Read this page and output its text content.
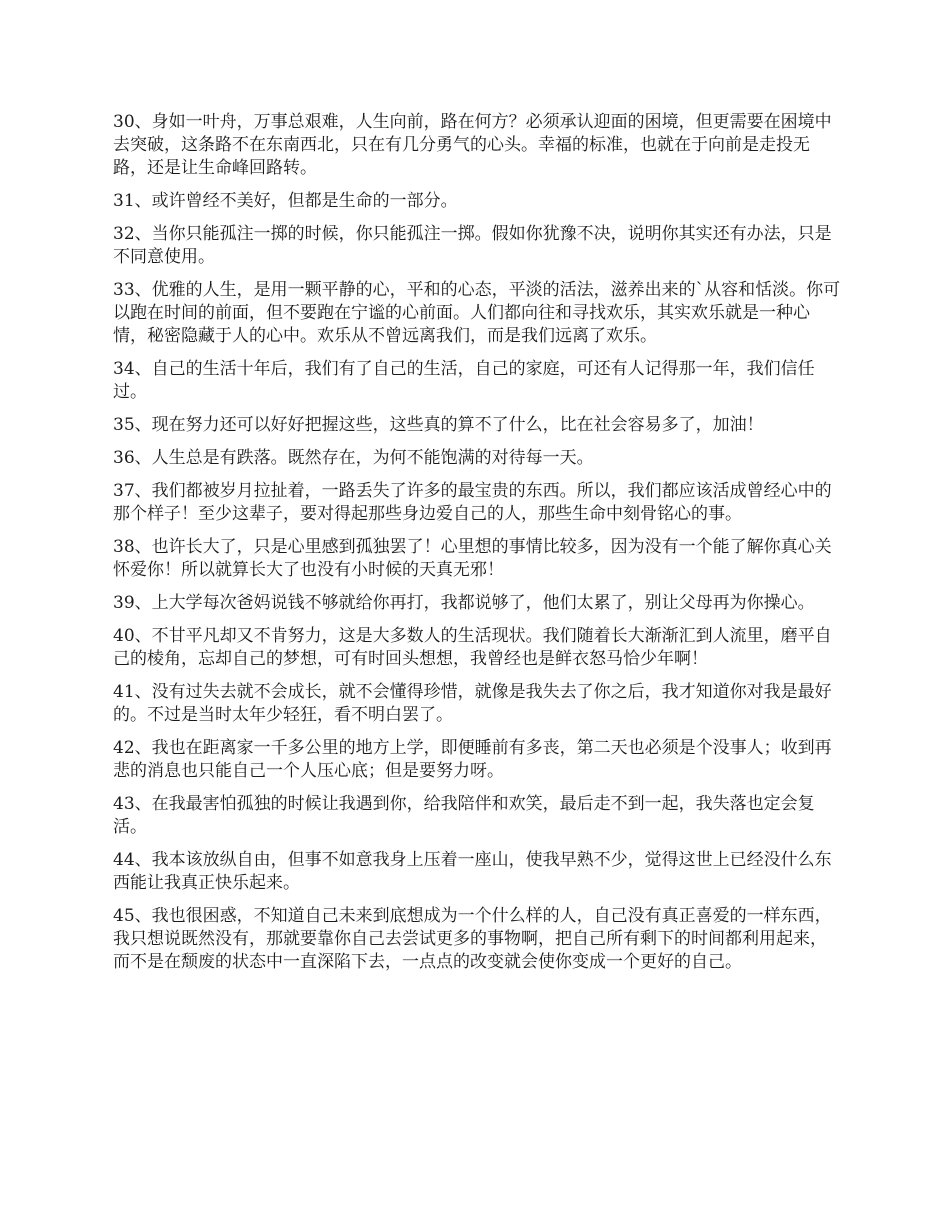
30、身如一叶舟，万事总艰难，人生向前，路在何方？必须承认迎面的困境，但更需要在困境中去突破，这条路不在东南西北，只在有几分勇气的心头。幸福的标准，也就在于向前是走投无路，还是让生命峰回路转。

31、或许曾经不美好，但都是生命的一部分。

32、当你只能孤注一掷的时候，你只能孤注一掷。假如你犹豫不决，说明你其实还有办法，只是不同意使用。

33、优雅的人生，是用一颗平静的心，平和的心态，平淡的活法，滋养出来的`从容和恬淡。你可以跑在时间的前面，但不要跑在宁谧的心前面。人们都向往和寻找欢乐，其实欢乐就是一种心情，秘密隐藏于人的心中。欢乐从不曾远离我们，而是我们远离了欢乐。

34、自己的生活十年后，我们有了自己的生活，自己的家庭，可还有人记得那一年，我们信任过。

35、现在努力还可以好好把握这些，这些真的算不了什么，比在社会容易多了，加油！

36、人生总是有跌落。既然存在，为何不能饱满的对待每一天。

37、我们都被岁月拉扯着，一路丢失了许多的最宝贵的东西。所以，我们都应该活成曾经心中的那个样子！至少这辈子，要对得起那些身边爱自己的人，那些生命中刻骨铭心的事。

38、也许长大了，只是心里感到孤独罢了！心里想的事情比较多，因为没有一个能了解你真心关怀爱你！所以就算长大了也没有小时候的天真无邪！

39、上大学每次爸妈说钱不够就给你再打，我都说够了，他们太累了，别让父母再为你操心。

40、不甘平凡却又不肯努力，这是大多数人的生活现状。我们随着长大渐渐汇到人流里，磨平自己的棱角，忘却自己的梦想，可有时回头想想，我曾经也是鲜衣怒马恰少年啊！

41、没有过失去就不会成长，就不会懂得珍惜，就像是我失去了你之后，我才知道你对我是最好的。不过是当时太年少轻狂，看不明白罢了。

42、我也在距离家一千多公里的地方上学，即便睡前有多丧，第二天也必须是个没事人；收到再悲的消息也只能自己一个人压心底；但是要努力呀。

43、在我最害怕孤独的时候让我遇到你，给我陪伴和欢笑，最后走不到一起，我失落也定会复活。

44、我本该放纵自由，但事不如意我身上压着一座山，使我早熟不少，觉得这世上已经没什么东西能让我真正快乐起来。

45、我也很困惑，不知道自己未来到底想成为一个什么样的人，自己没有真正喜爱的一样东西，我只想说既然没有，那就要靠你自己去尝试更多的事物啊，把自己所有剩下的时间都利用起来，而不是在颓废的状态中一直深陷下去，一点点的改变就会使你变成一个更好的自己。
